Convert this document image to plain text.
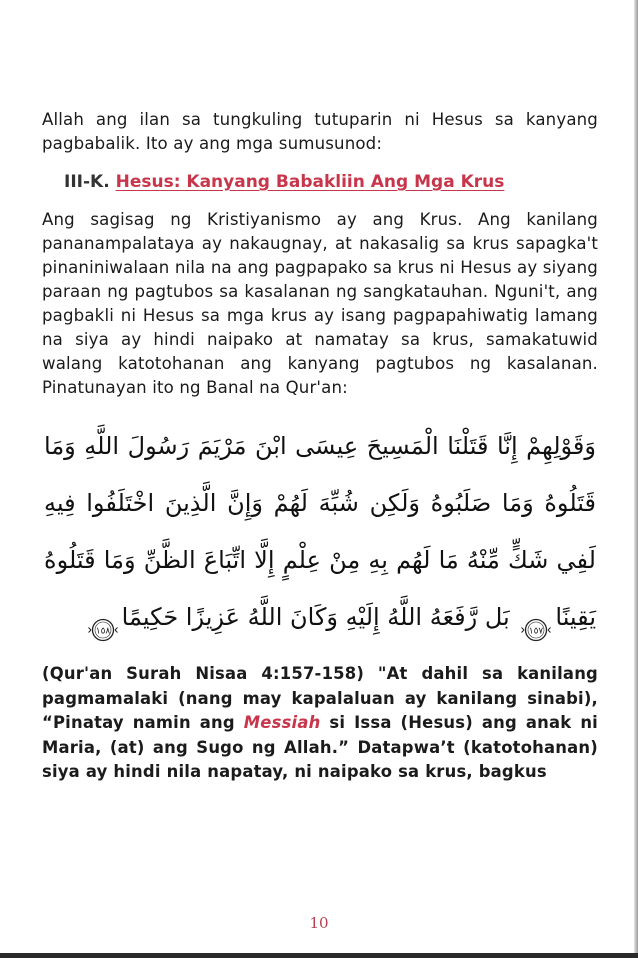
Allah ang ilan sa tungkuling tutuparin ni Hesus sa kanyang pagbabalik. Ito ay ang mga sumusunod:

III-K. Hesus: Kanyang Babakliin Ang Mga Krus

Ang sagisag ng Kristiyanismo ay ang Krus. Ang kanilang pananampalataya ay nakaugnay, at nakasalig sa krus sapagka't pinaniniwalaan nila na ang pagpapako sa krus ni Hesus ay siyang paraan ng pagtubos sa kasalanan ng sangkatauhan. Nguni't, ang pagbakli ni Hesus sa mga krus ay isang pagpapahiwatig lamang na siya ay hindi naipako at namatay sa krus, samakatuwid walang katotohanan ang kanyang pagtubos ng kasalanan. Pinatunayan ito ng Banal na Qur'an:

وَقَوْلِهِمْ إِنَّا قَتَلْنَا الْمَسِيحَ عِيسَى ابْنَ مَرْيَمَ رَسُولَ اللَّهِ وَمَا قَتَلُوهُ وَمَا صَلَبُوهُ وَلَكِن شُبِّهَ لَهُمْ وَإِنَّ الَّذِينَ اخْتَلَفُوا فِيهِ لَفِي شَكٍّ مِّنْهُ مَا لَهُم بِهِ مِنْ عِلْمٍ إِلَّا اتِّبَاعَ الظَّنِّ وَمَا قَتَلُوهُ يَقِينًا
١٥٧
بَل رَّفَعَهُ اللَّهُ إِلَيْهِ وَكَانَ اللَّهُ عَزِيزًا حَكِيمًا
١٥٨

(Qur'an Surah Nisaa 4:157-158) "At dahil sa kanilang pagmamalaki (nang may kapalaluan ay kanilang sinabi), “Pinatay namin ang Messiah si Issa (Hesus) ang anak ni Maria, (at) ang Sugo ng Allah.” Datapwa’t (katotohanan) siya ay hindi nila napatay, ni naipako sa krus, bagkus

10
